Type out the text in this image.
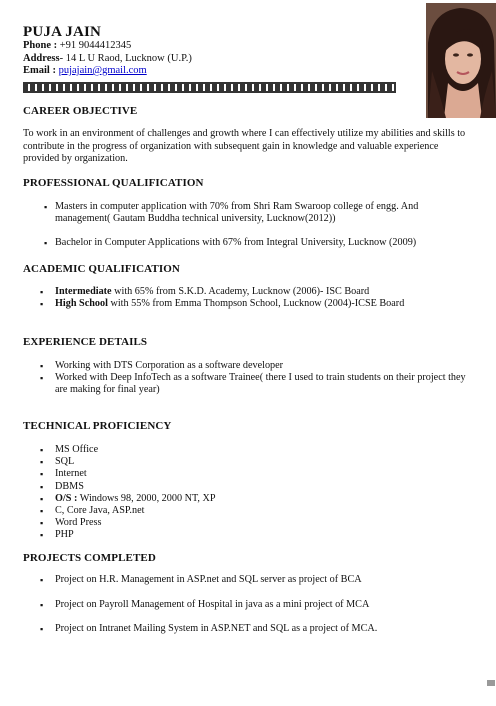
PUJA JAIN
Phone : +91 9044412345
Address- 14 L U Raod, Lucknow (U.P.)
Email : pujajain@gmail.com
CAREER OBJECTIVE
To work in an environment of challenges and growth where I can effectively utilize my abilities and skills to contribute in the progress of organization with subsequent gain in knowledge and valuable experience provided by organization.
PROFESSIONAL QUALIFICATION
▪ Masters in computer application with 70% from Shri Ram Swaroop college of engg. And management( Gautam Buddha technical university, Lucknow(2012))
▪ Bachelor in Computer Applications with 67% from Integral University, Lucknow (2009)
ACADEMIC QUALIFICATION
▪ Intermediate with 65% from S.K.D. Academy, Lucknow (2006)- ISC Board
▪ High School with 55% from Emma Thompson School, Lucknow (2004)-ICSE Board
EXPERIENCE DETAILS
▪ Working with DTS Corporation as a software developer
▪ Worked with Deep InfoTech as a software Trainee( there I used to train students on their project they are making for final year)
TECHNICAL PROFICIENCY
▪ MS Office
▪ SQL
▪ Internet
▪ DBMS
▪ O/S : Windows 98, 2000, 2000 NT, XP
▪ C, Core Java, ASP.net
▪ Word Press
▪ PHP
PROJECTS COMPLETED
▪ Project on H.R. Management in ASP.net and SQL server as project of BCA
▪ Project on Payroll Management of Hospital in java as a mini project of MCA
▪ Project on Intranet Mailing System in ASP.NET and SQL as a project of MCA.
